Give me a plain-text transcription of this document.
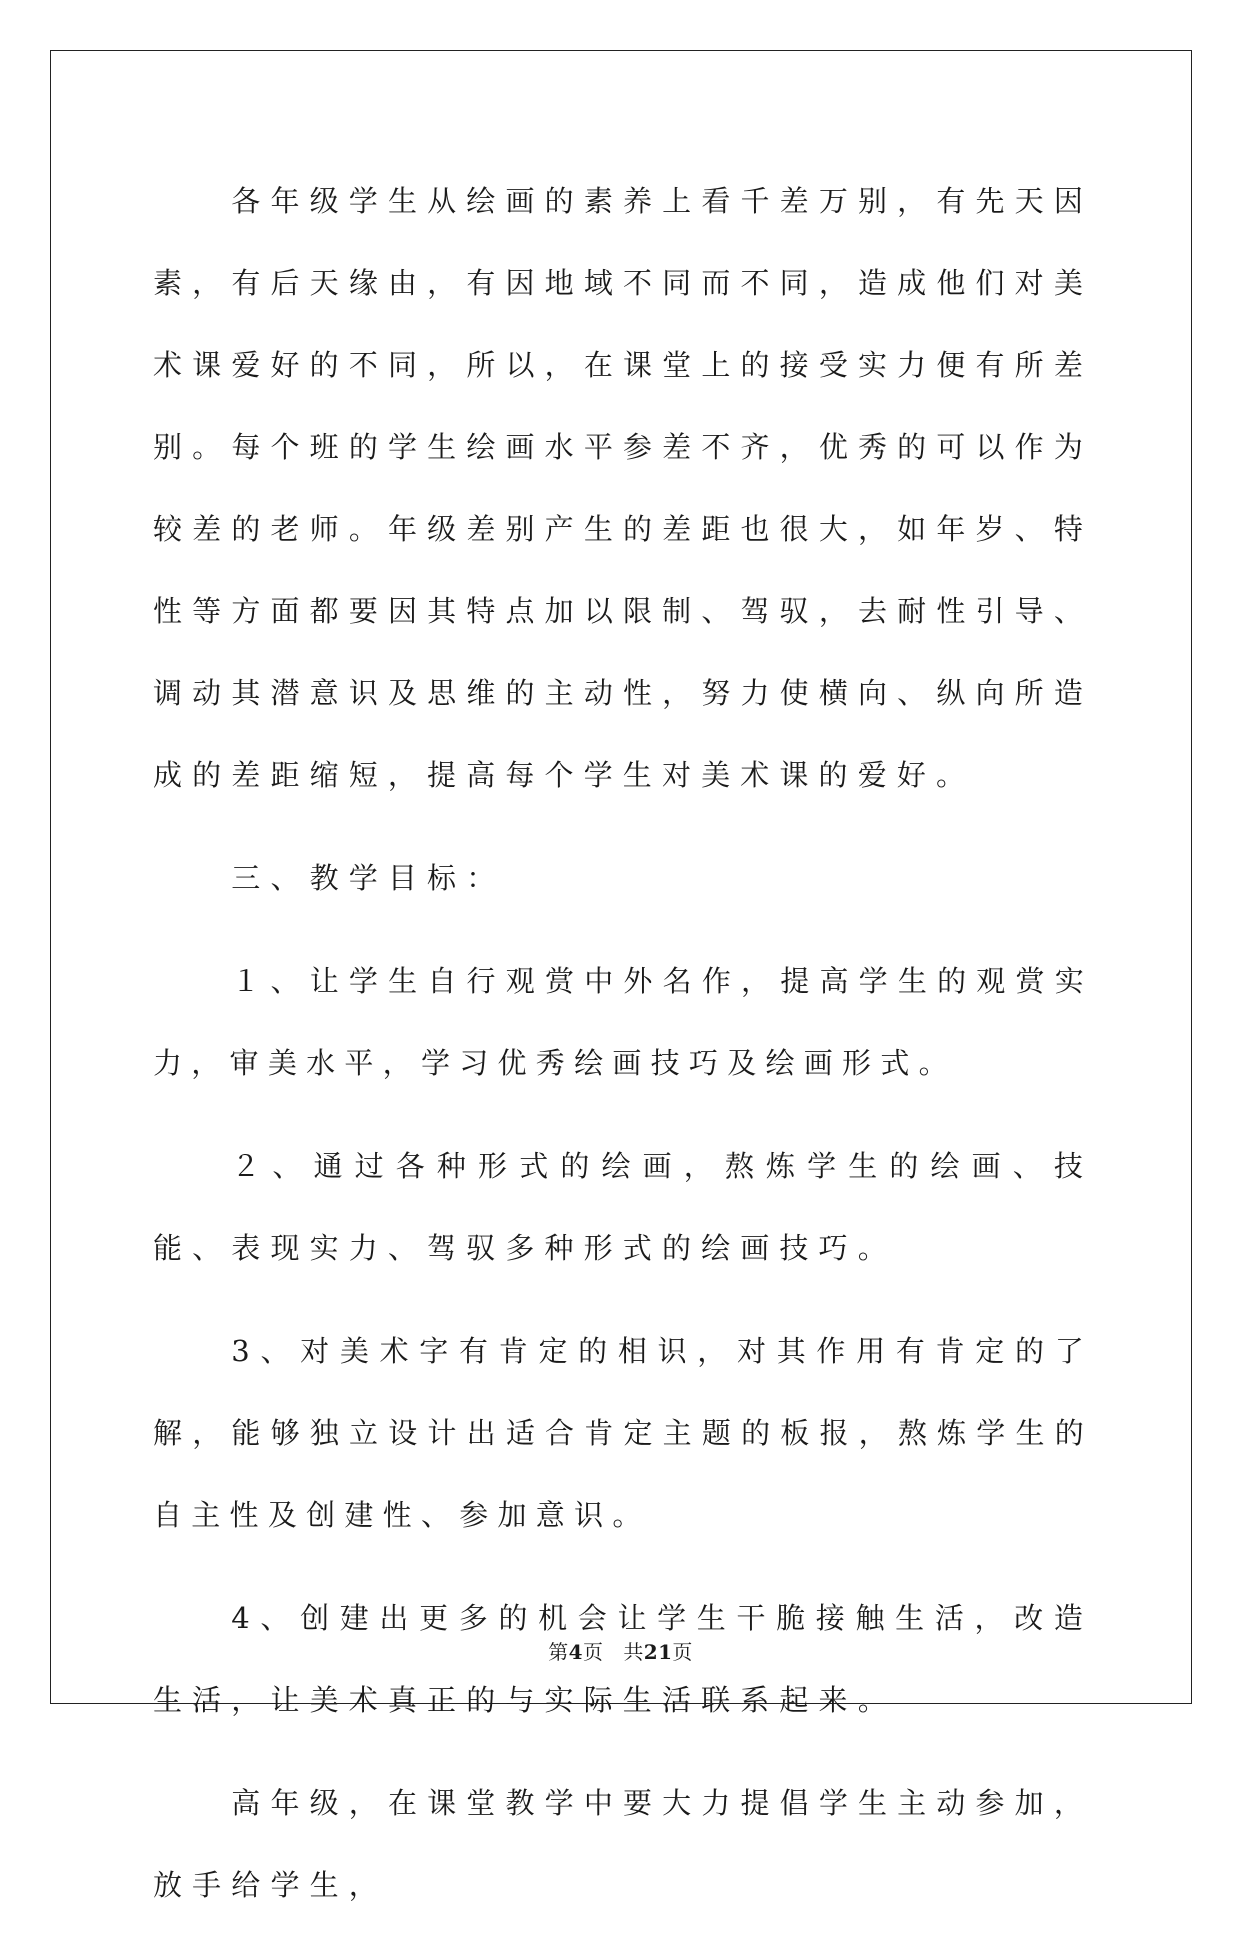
各年级学生从绘画的素养上看千差万别，有先天因素，有后天缘由，有因地域不同而不同，造成他们对美术课爱好的不同，所以，在课堂上的接受实力便有所差别。每个班的学生绘画水平参差不齐，优秀的可以作为较差的老师。年级差别产生的差距也很大，如年岁、特性等方面都要因其特点加以限制、驾驭，去耐性引导、调动其潜意识及思维的主动性，努力使横向、纵向所造成的差距缩短，提高每个学生对美术课的爱好。

三、教学目标：

１、让学生自行观赏中外名作，提高学生的观赏实力，审美水平，学习优秀绘画技巧及绘画形式。

２、通过各种形式的绘画，熬炼学生的绘画、技能、表现实力、驾驭多种形式的绘画技巧。

3、对美术字有肯定的相识，对其作用有肯定的了解，能够独立设计出适合肯定主题的板报，熬炼学生的自主性及创建性、参加意识。

4、创建出更多的机会让学生干脆接触生活，改造生活，让美术真正的与实际生活联系起来。

高年级，在课堂教学中要大力提倡学生主动参加，放手给学生，

第4页 共21页
